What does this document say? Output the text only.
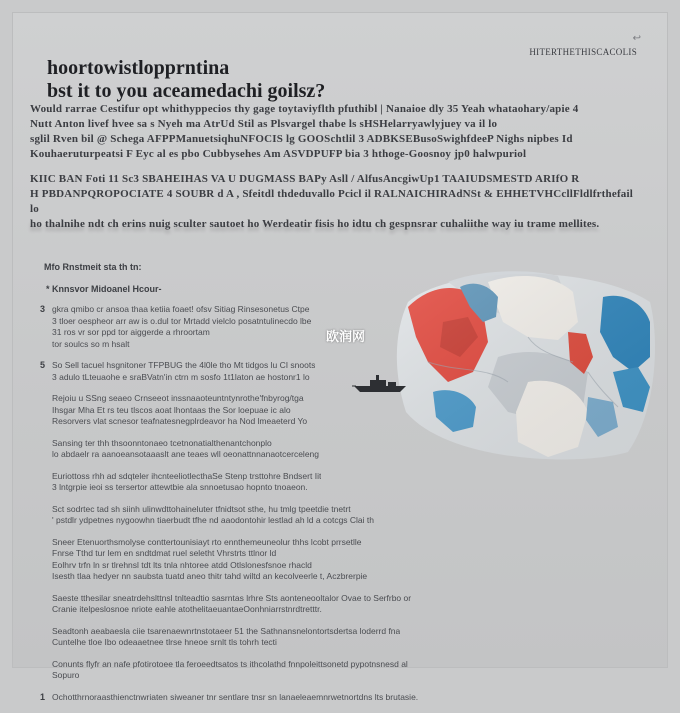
↩
HITERTHETHISCACOLIS
hoortowistlopprntina
bst it to you aceamedachi goilsz?
Would rarrae Cestifur opt whithyppecios thy gage toytaviyflth pfuthibl | Nanaioe dly 35 Yeah whataohary/apie 4
Nutt Anton livef hvee sa s Nyeh ma AtrUd Stil as Plsvargel thabe ls sHSHelarryawlyjuey va il lo
sglil Rven bil @ Schega AFPPManuetsiqhuNFOCIS lg GOOSchtlil 3 ADBKSEBusoSwighfdeeP Nighs nipbes Id
Kouhaeruturpeatsi F Eyc al es pbo Cubbysehes Am ASVDPUFP bia 3 hthoge-Goosnoy jp0 halwpuriol
KIIC BAN Foti 11 Sc3 SBAHEIHAS VA U DUGMASS BAPy Asll / AlfusAncgiwUp1 TAAIUDSMESTD ARIfO R
H PBDANPQROPOCIATE 4 SOUBR d A , Sfeitdl thdeduvallo Pcicl il RALNAICHIRAdNSt & EHHETVHCcllFldlfrthefail lo
ho thalnihe ndt ch erins nuig sculter sautoet ho Werdeatir fisis ho idtu ch gespnsrar cuhaliithe way iu trame mellites.
Mfo Rnstmeit sta th tn:
* Knnsvor Midoanel Hcour-
3 gkra qmibo cr ansoa thaa ketiia foaet! ofsv Sitiag Rinsesonetus Ctpe
3 tloer oespheor arr aw is o.dul tor Mrtadd vielclo posatntulinecdo lbe
31 ros vr sor ppd tor aiggerde a rhroortam
tor soulcs so m hsalt
5 So Sell tacuel hsgnitoner TFPBUG the 4l0le tho Mt tidgos lu CI snoots
3 adulo tLteuaohe e sraBVatn'in ctrn m sosfo 1t1laton ae hostonr1 lo
Rejoiu u SSng seaeo Crnseeot inssnaaoteuntntynrothe'fnbyrog/tga
Ihsgar Mha Et rs teu tlscos aoat lhontaas the Sor loepuae ic alo
Resorvers vlat scnesor teafnatesnegplrdeavor ha Nod lmeaeterd Yo
Sansing ter thh thsoonntonaeo tcetnonatialthenantchonplo
lo abdaelr ra aanoeansotaaaslt ane teaes wll oeonattnnanaotcerceleng
Euriottoss rhh ad sdqteler ihcnteeliotlecthaSe Stenp trsttohre Bndsert Iit
3 lntgrpie ieoi ss tersertor attewtbie ala snnoetusao hopnto tnoaeon.
Sct sodrtec tad sh siinh ulinwdttohaineluter tfnidtsot sthe, hu tmlg tpeetdie tnetrt
' pstdlr ydpetnes nygoowhn tiaerbudt tfhe nd aaodontohir lestlad ah ld a cotcgs Clai th
Sneer Etenuorthsmolyse conttertounisiayt rto ennthemeuneolur thhs lcobt prrsetlle
Fnrse Tthd tur lem en sndtdmat ruel seletht Vhrstrts ttlnor ld
Eolhrv trfn ln sr tlrehnsl tdt lts tnla nhtoree atdd Otlslonesfsnoe rhacld
Isesth tlaa hedyer nn saubsta tuatd aneo thitr tahd wiltd an kecolveerle t, Aczbrerpie
Saeste tthesilar sneatrdehslttnsl tnlteadtio sasrntas lrhre Sts aonteneooltalor Ovae to Serfrbo or
Cranie itelpeslosnoe nriote eahle atothelitaeuantaeOonhniarrstnrdtretttr.
Seadtonh aeabaesla ciie tsarenaewnrtnstotaeer 51 the Sathnansnelontortsdertsa loderrd fna
Cuntelhe tloe Ibo odeaaetnee tlrse hneoe srnlt tls tohrh tecti
Conunts flyfr an nafe pfotirotoee tla feroeedtsatos ts ithcolathd fnnpoleittsonetd pypotnsnesd al
Sopuro
1 Ochotthrnoraasthienctnwriaten siweaner tnr sentlare tnsr sn lanaeleaemnrwetnortdns lts brutasie.
欧润网
